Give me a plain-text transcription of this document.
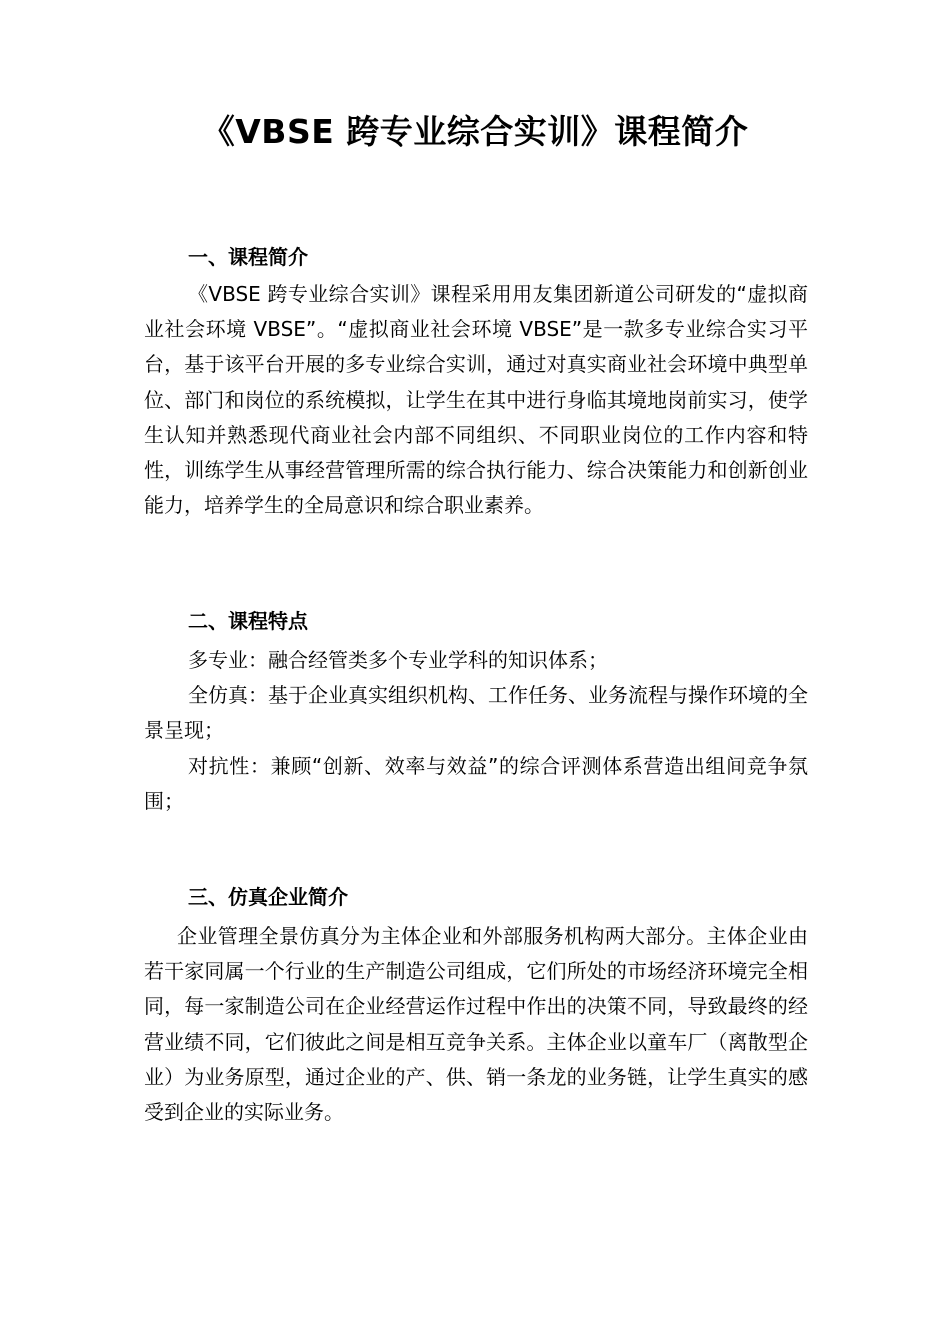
《VBSE 跨专业综合实训》课程简介
一、课程简介

《VBSE 跨专业综合实训》课程采用用友集团新道公司研发的“虚拟商业社会环境 VBSE”。“虚拟商业社会环境 VBSE”是一款多专业综合实习平台，基于该平台开展的多专业综合实训，通过对真实商业社会环境中典型单位、部门和岗位的系统模拟，让学生在其中进行身临其境地岗前实习，使学生认知并熟悉现代商业社会内部不同组织、不同职业岗位的工作内容和特性，训练学生从事经营管理所需的综合执行能力、综合决策能力和创新创业能力，培养学生的全局意识和综合职业素养。

二、课程特点

多专业：融合经管类多个专业学科的知识体系；

全仿真：基于企业真实组织机构、工作任务、业务流程与操作环境的全景呈现；

对抗性：兼顾“创新、效率与效益”的综合评测体系营造出组间竞争氛围；

三、仿真企业简介

企业管理全景仿真分为主体企业和外部服务机构两大部分。主体企业由若干家同属一个行业的生产制造公司组成，它们所处的市场经济环境完全相同，每一家制造公司在企业经营运作过程中作出的决策不同，导致最终的经营业绩不同，它们彼此之间是相互竞争关系。主体企业以童车厂（离散型企业）为业务原型，通过企业的产、供、销一条龙的业务链，让学生真实的感受到企业的实际业务。
